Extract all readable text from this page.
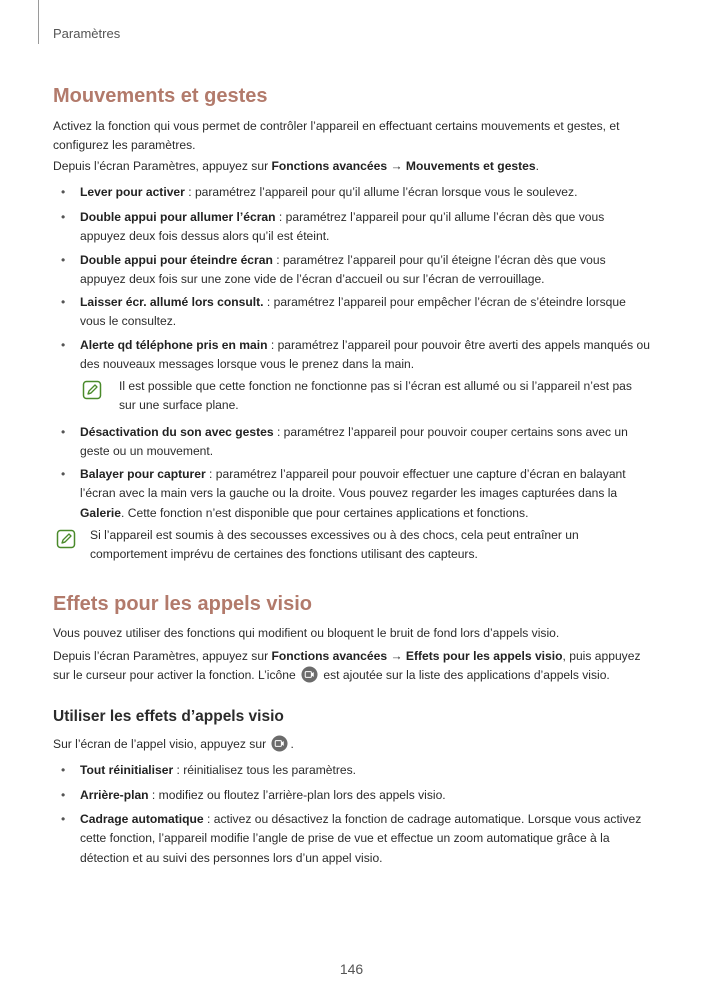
Paramètres
Mouvements et gestes

Activez la fonction qui vous permet de contrôler l’appareil en effectuant certains mouvements et gestes, et configurez les paramètres.

Depuis l’écran Paramètres, appuyez sur Fonctions avancées → Mouvements et gestes.

• Lever pour activer : paramétrez l’appareil pour qu’il allume l’écran lorsque vous le soulevez.
• Double appui pour allumer l’écran : paramétrez l’appareil pour qu’il allume l’écran dès que vous appuyez deux fois dessus alors qu’il est éteint.
• Double appui pour éteindre écran : paramétrez l’appareil pour qu’il éteigne l’écran dès que vous appuyez deux fois sur une zone vide de l’écran d’accueil ou sur l’écran de verrouillage.
• Laisser écr. allumé lors consult. : paramétrez l’appareil pour empêcher l’écran de s’éteindre lorsque vous le consultez.
• Alerte qd téléphone pris en main : paramétrez l’appareil pour pouvoir être averti des appels manqués ou des nouveaux messages lorsque vous le prenez dans la main.

Il est possible que cette fonction ne fonctionne pas si l’écran est allumé ou si l’appareil n’est pas sur une surface plane.

• Désactivation du son avec gestes : paramétrez l’appareil pour pouvoir couper certains sons avec un geste ou un mouvement.
• Balayer pour capturer : paramétrez l’appareil pour pouvoir effectuer une capture d’écran en balayant l’écran avec la main vers la gauche ou la droite. Vous pouvez regarder les images capturées dans la Galerie. Cette fonction n’est disponible que pour certaines applications et fonctions.

Si l’appareil est soumis à des secousses excessives ou à des chocs, cela peut entraîner un comportement imprévu de certaines des fonctions utilisant des capteurs.

Effets pour les appels visio

Vous pouvez utiliser des fonctions qui modifient ou bloquent le bruit de fond lors d’appels visio.

Depuis l’écran Paramètres, appuyez sur Fonctions avancées → Effets pour les appels visio, puis appuyez sur le curseur pour activer la fonction. L’icône  est ajoutée sur la liste des applications d’appels visio.

Utiliser les effets d’appels visio

Sur l’écran de l’appel visio, appuyez sur .

• Tout réinitialiser : réinitialisez tous les paramètres.
• Arrière-plan : modifiez ou floutez l’arrière-plan lors des appels visio.
• Cadrage automatique : activez ou désactivez la fonction de cadrage automatique. Lorsque vous activez cette fonction, l’appareil modifie l’angle de prise de vue et effectue un zoom automatique grâce à la détection et au suivi des personnes lors d’un appel visio.
146
